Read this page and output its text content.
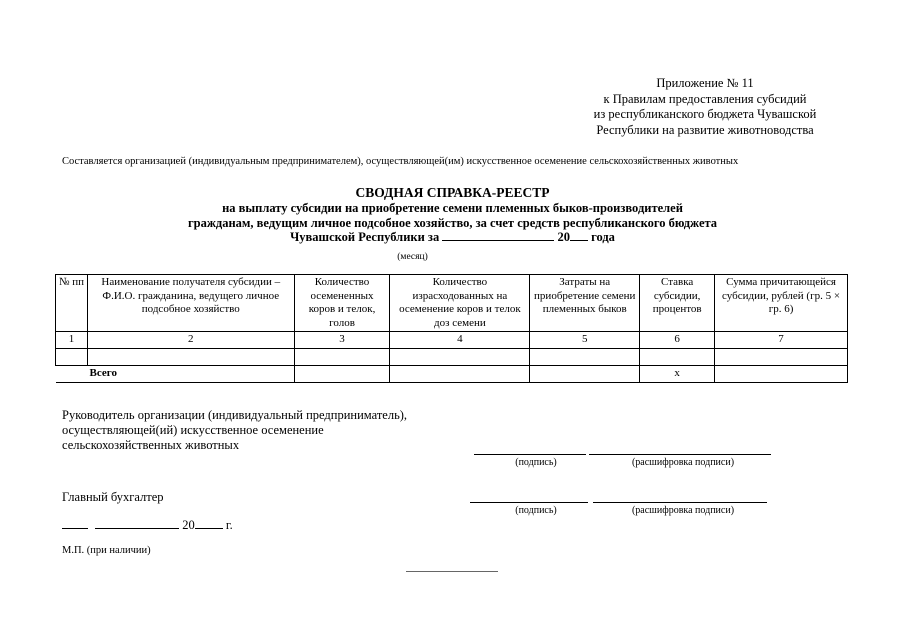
Приложение № 11
к Правилам предоставления субсидий
из республиканского бюджета Чувашской
Республики на развитие животноводства
Составляется организацией (индивидуальным предпринимателем), осуществляющей(им) искусственное осеменение сельскохозяйственных животных
СВОДНАЯ СПРАВКА-РЕЕСТР
на выплату субсидии на приобретение семени племенных быков-производителей
гражданам, ведущим личное подсобное хозяйство, за счет средств республиканского бюджета
Чувашской Республики за	20 года
(месяц)
№ пп	Наименование получателя субсидии – Ф.И.О. гражданина, ведущего личное подсобное хозяйство	Количество осемененных коров и телок, голов	Количество израсходованных на осеменение коров и телок доз семени	Затраты на приобретение семени племенных быков	Ставка субсидии, процентов	Сумма причитающейся субсидии, рублей (гр. 5 × гр. 6)
1	2	3	4	5	6	7

Всего					х	
Руководитель организации (индивидуальный предприниматель),
осуществляющей(ий) искусственное осеменение
сельскохозяйственных животных
(подпись)	(расшифровка подписи)
Главный бухгалтер
(подпись)	(расшифровка подписи)
20 г.
М.П. (при наличии)
